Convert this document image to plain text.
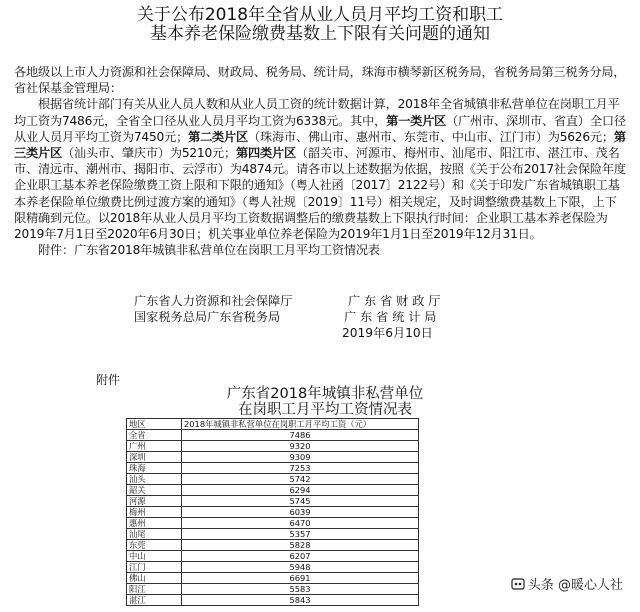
关于公布2018年全省从业人员月平均工资和职工
基本养老保险缴费基数上下限有关问题的通知

各地级以上市人力资源和社会保障局、财政局、税务局、统计局，珠海市横琴新区税务局，省税务局第三税务分局，省社保基金管理局：

根据省统计部门有关从业人员人数和从业人员工资的统计数据计算，2018年全省城镇非私营单位在岗职工月平均工资为7486元，全省全口径从业人员月平均工资为6338元。其中，第一类片区（广州市、深圳市、省直）全口径从业人员月平均工资为7450元；第二类片区（珠海市、佛山市、惠州市、东莞市、中山市、江门市）为5626元；第三类片区（汕头市、肇庆市）为5210元；第四类片区（韶关市、河源市、梅州市、汕尾市、阳江市、湛江市、茂名市、清远市、潮州市、揭阳市、云浮市）为4874元。请各市以上述数据为依据，按照《关于公布2017社会保险年度企业职工基本养老保险缴费工资上限和下限的通知》（粤人社函〔2017〕2122号）和《关于印发广东省城镇职工基本养老保险单位缴费比例过渡方案的通知》（粤人社规〔2019〕11号）相关规定，及时调整缴费基数上下限，上下限精确到元位。以2018年从业人员月平均工资数据调整后的缴费基数上下限执行时间：企业职工基本养老保险为2019年7月1日至2020年6月30日；机关事业单位养老保险为2019年1月1日至2019年12月31日。

附件：广东省2018年城镇非私营单位在岗职工月平均工资情况表

广东省人力资源和社会保障厅	广 东 省 财 政 厅
国家税务总局广东省税务局	广 东 省 统 计 局
2019年6月10日
附件
广东省2018年城镇非私营单位
在岗职工月平均工资情况表
地区	2018年城镇非私营单位在岗职工月平均工资（元）
全省	7486
广州	9320
深圳	9309
珠海	7253
汕头	5742
韶关	6294
河源	5745
梅州	6039
惠州	6470
汕尾	5357
东莞	5828
中山	6207
江门	5948
佛山	6691
阳江	5583
湛江	5843
头条 @暖心人社
